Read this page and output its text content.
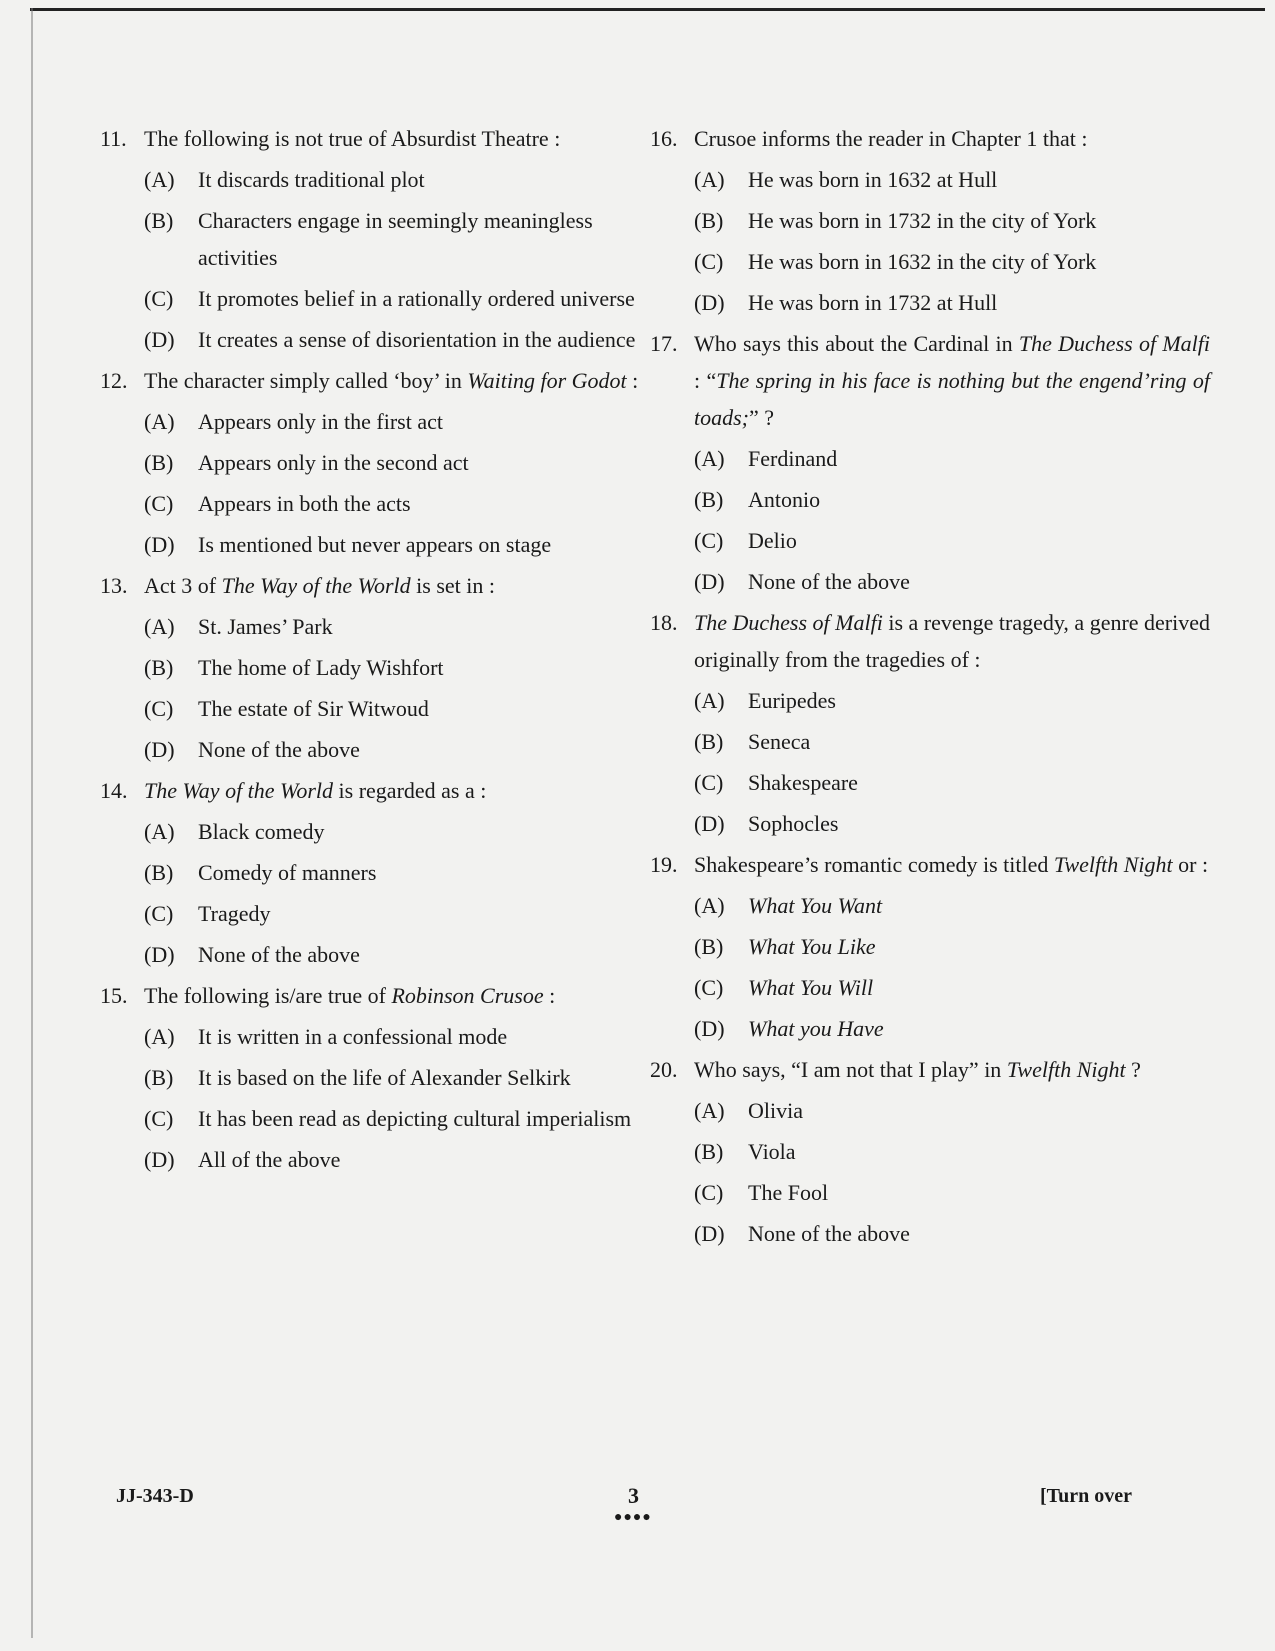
11. The following is not true of Absurdist Theatre :
(A)	It discards traditional plot
(B)	Characters engage in seemingly meaningless activities
(C)	It promotes belief in a rationally ordered universe
(D)	It creates a sense of disorientation in the audience
12. The character simply called ‘boy’ in Waiting for Godot :
(A)	Appears only in the first act
(B)	Appears only in the second act
(C)	Appears in both the acts
(D)	Is mentioned but never appears on stage
13. Act 3 of The Way of the World is set in :
(A)	St. James’ Park
(B)	The home of Lady Wishfort
(C)	The estate of Sir Witwoud
(D)	None of the above
14. The Way of the World is regarded as a :
(A)	Black comedy
(B)	Comedy of manners
(C)	Tragedy
(D)	None of the above
15. The following is/are true of Robinson Crusoe :
(A)	It is written in a confessional mode
(B)	It is based on the life of Alexander Selkirk
(C)	It has been read as depicting cultural imperialism
(D)	All of the above
16. Crusoe informs the reader in Chapter 1 that :
(A)	He was born in 1632 at Hull
(B)	He was born in 1732 in the city of York
(C)	He was born in 1632 in the city of York
(D)	He was born in 1732 at Hull
17. Who says this about the Cardinal in The Duchess of Malfi : “The spring in his face is nothing but the engend’ring of toads;” ?
(A)	Ferdinand
(B)	Antonio
(C)	Delio
(D)	None of the above
18. The Duchess of Malfi is a revenge tragedy, a genre derived originally from the tragedies of :
(A)	Euripedes
(B)	Seneca
(C)	Shakespeare
(D)	Sophocles
19. Shakespeare’s romantic comedy is titled Twelfth Night or :
(A)	What You Want
(B)	What You Like
(C)	What You Will
(D)	What you Have
20. Who says, “I am not that I play” in Twelfth Night ?
(A)	Olivia
(B)	Viola
(C)	The Fool
(D)	None of the above
JJ-343-D	3
●●●●
[Turn over
